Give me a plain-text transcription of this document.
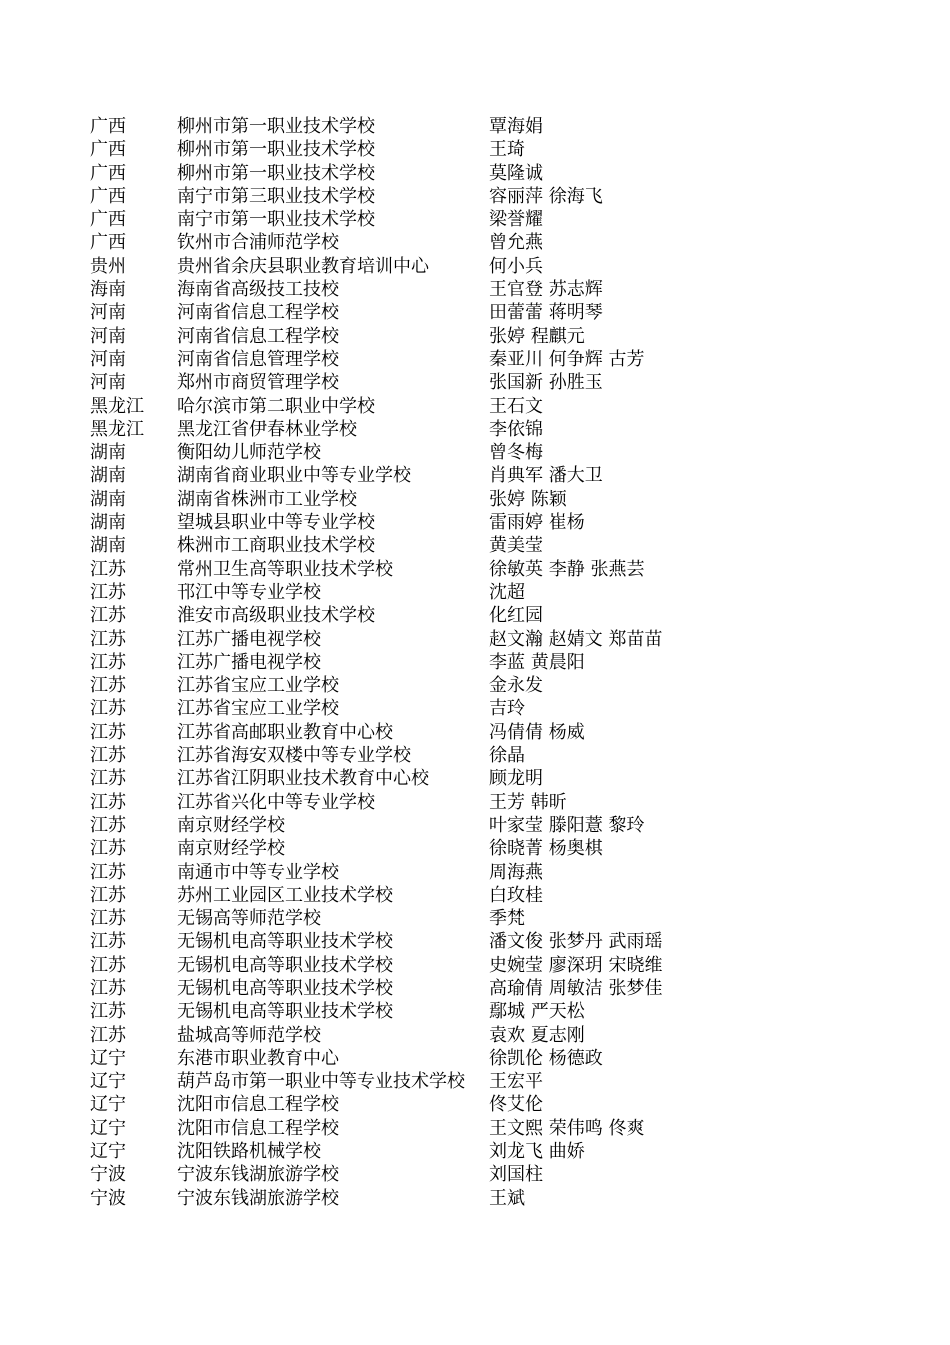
广西	柳州市第一职业技术学校	覃海娟
广西	柳州市第一职业技术学校	王琦
广西	柳州市第一职业技术学校	莫隆诚
广西	南宁市第三职业技术学校	容丽萍 徐海飞
广西	南宁市第一职业技术学校	梁誉耀
广西	钦州市合浦师范学校	曾允燕
贵州	贵州省余庆县职业教育培训中心	何小兵
海南	海南省高级技工技校	王官登 苏志辉
河南	河南省信息工程学校	田蕾蕾 蒋明琴
河南	河南省信息工程学校	张婷 程麒元
河南	河南省信息管理学校	秦亚川 何争辉 古芳
河南	郑州市商贸管理学校	张国新 孙胜玉
黑龙江	哈尔滨市第二职业中学校	王石文
黑龙江	黑龙江省伊春林业学校	李依锦
湖南	衡阳幼儿师范学校	曾冬梅
湖南	湖南省商业职业中等专业学校	肖典军 潘大卫
湖南	湖南省株洲市工业学校	张婷 陈颖
湖南	望城县职业中等专业学校	雷雨婷 崔杨
湖南	株洲市工商职业技术学校	黄美莹
江苏	常州卫生高等职业技术学校	徐敏英 李静 张燕芸
江苏	邗江中等专业学校	沈超
江苏	淮安市高级职业技术学校	化红园
江苏	江苏广播电视学校	赵文瀚 赵婧文 郑苗苗
江苏	江苏广播电视学校	李蓝 黄晨阳
江苏	江苏省宝应工业学校	金永发
江苏	江苏省宝应工业学校	吉玲
江苏	江苏省高邮职业教育中心校	冯倩倩 杨威
江苏	江苏省海安双楼中等专业学校	徐晶
江苏	江苏省江阴职业技术教育中心校	顾龙明
江苏	江苏省兴化中等专业学校	王芳 韩昕
江苏	南京财经学校	叶家莹 滕阳薏 黎玲
江苏	南京财经学校	徐晓菁 杨奥棋
江苏	南通市中等专业学校	周海燕
江苏	苏州工业园区工业技术学校	白玫桂
江苏	无锡高等师范学校	季梵
江苏	无锡机电高等职业技术学校	潘文俊 张梦丹 武雨瑶
江苏	无锡机电高等职业技术学校	史婉莹 廖深玥 宋晓维
江苏	无锡机电高等职业技术学校	高瑜倩 周敏洁 张梦佳
江苏	无锡机电高等职业技术学校	鄢城 严天松
江苏	盐城高等师范学校	袁欢 夏志刚
辽宁	东港市职业教育中心	徐凯伦 杨德政
辽宁	葫芦岛市第一职业中等专业技术学校	王宏平
辽宁	沈阳市信息工程学校	佟艾伦
辽宁	沈阳市信息工程学校	王文熙 荣伟鸣 佟爽
辽宁	沈阳铁路机械学校	刘龙飞 曲娇
宁波	宁波东钱湖旅游学校	刘国柱
宁波	宁波东钱湖旅游学校	王斌
